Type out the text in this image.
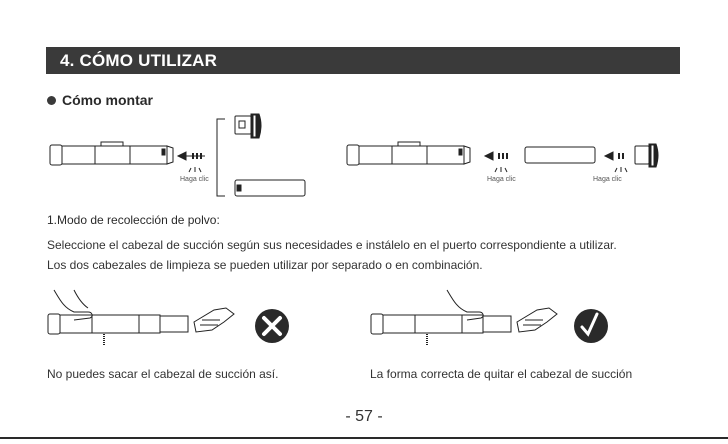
4. CÓMO UTILIZAR
Cómo montar
Haga clic	Haga clic	Haga clic
1.Modo de recolección de polvo:
Seleccione el cabezal de succión según sus necesidades e instálelo en el puerto correspondiente a utilizar.
Los dos cabezales de limpieza se pueden utilizar por separado o en combinación.
No puedes sacar el cabezal de succión así.	La forma correcta de quitar el cabezal de succión
- 57 -
